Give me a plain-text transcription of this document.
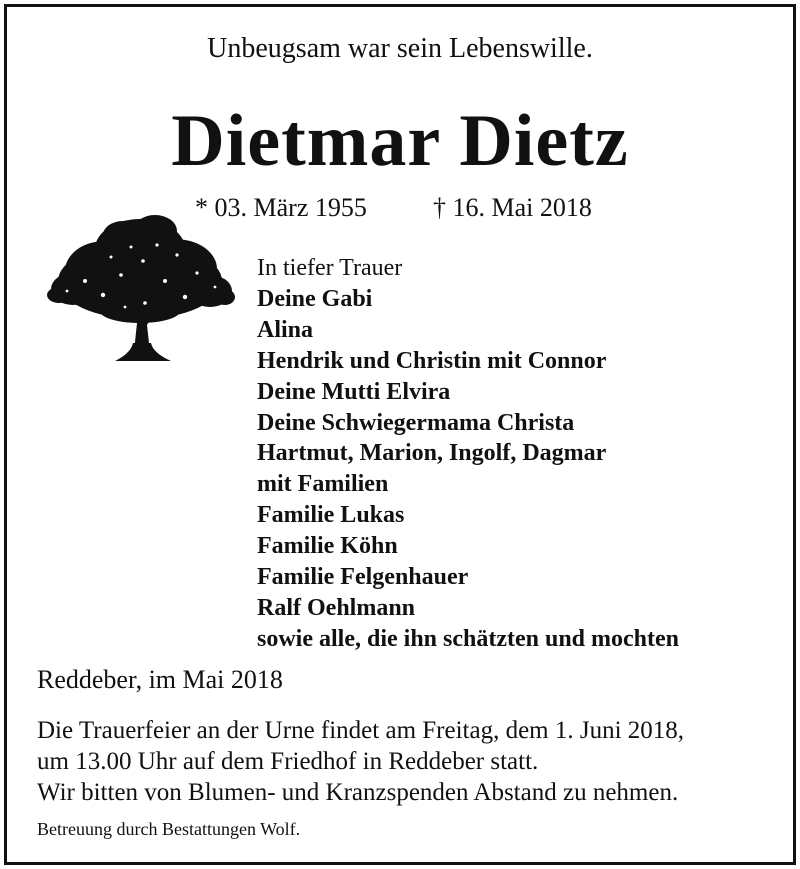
Unbeugsam war sein Lebenswille.
Dietmar Dietz
* 03. März 1955	† 16. Mai 2018
In tiefer Trauer
Deine Gabi
Alina
Hendrik und Christin mit Connor
Deine Mutti Elvira
Deine Schwiegermama Christa
Hartmut, Marion, Ingolf, Dagmar
mit Familien
Familie Lukas
Familie Köhn
Familie Felgenhauer
Ralf Oehlmann
sowie alle, die ihn schätzten und mochten
Reddeber, im Mai 2018
Die Trauerfeier an der Urne findet am Freitag, dem 1. Juni 2018,
um 13.00 Uhr auf dem Friedhof in Reddeber statt.
Wir bitten von Blumen- und Kranzspenden Abstand zu nehmen.
Betreuung durch Bestattungen Wolf.
